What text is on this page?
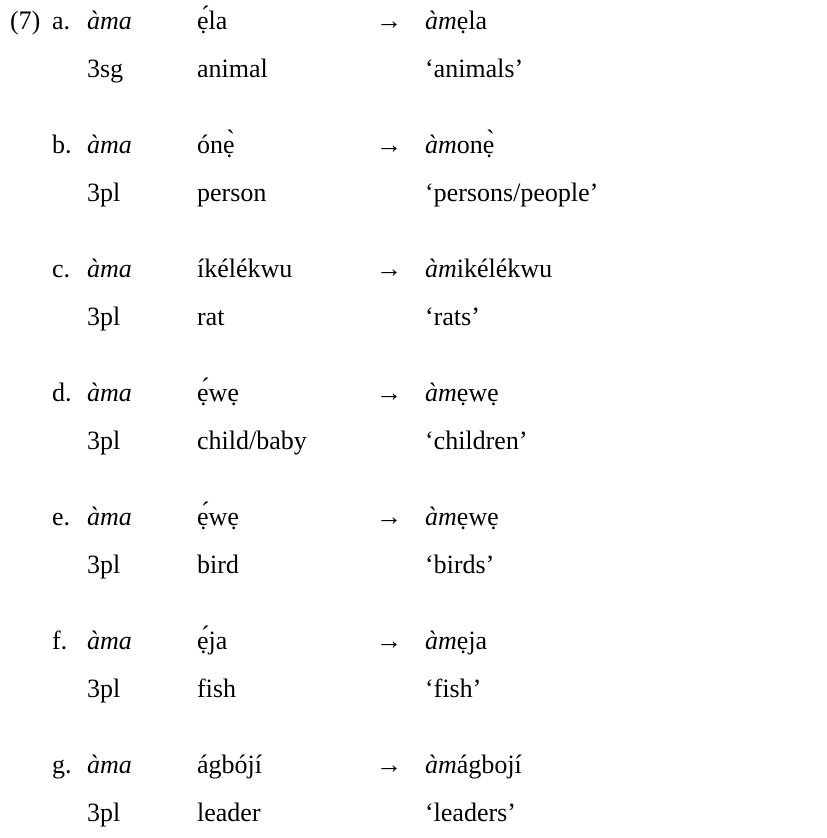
(7) a. àma	ẹ́la	→ àmẹla
3sg	animal	‘animals’
b. àma	ónẹ̀	→ àmonẹ̀
3pl	person	‘persons/people’
c. àma	íkélékwu	→ àmikélékwu
3pl	rat	‘rats’
d. àma	ẹ́wẹ	→ àmẹwẹ
3pl	child/baby	‘children’
e. àma	ẹ́wẹ	→ àmẹwẹ
3pl	bird	‘birds’
f. àma	ẹ́ja	→ àmẹja
3pl	fish	‘fish’
g. àma	ágbójí	→ àmágbojí
3pl	leader	‘leaders’
